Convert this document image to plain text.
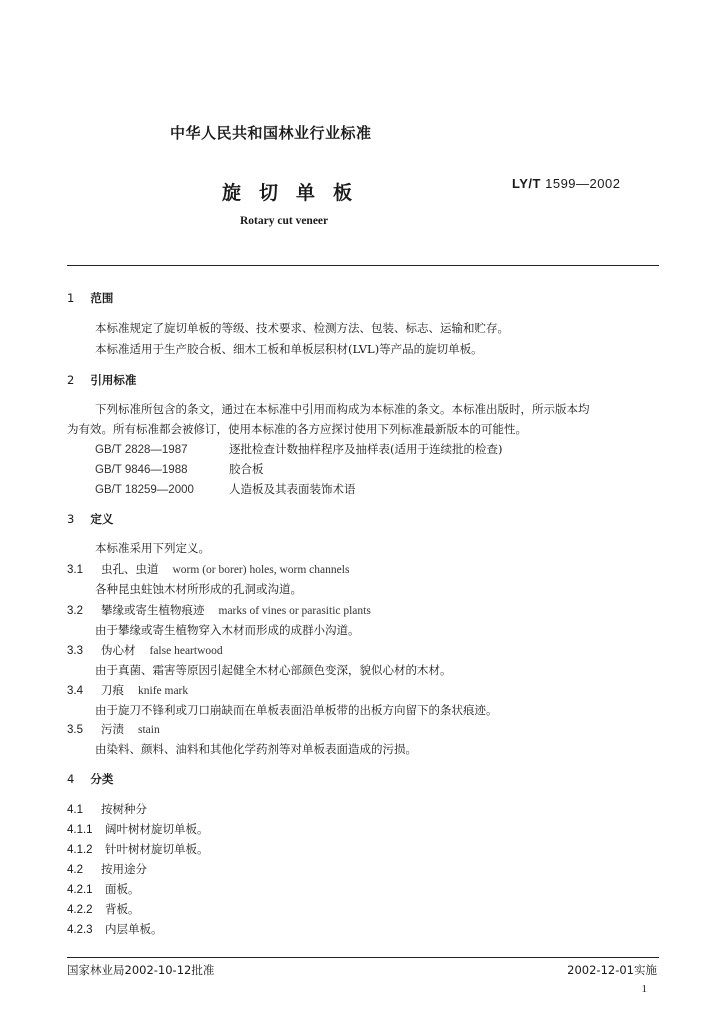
中华人民共和国林业行业标准
旋切单板	LY/T 1599—2002
Rotary cut veneer
1 范围
本标准规定了旋切单板的等级、技术要求、检测方法、包装、标志、运输和贮存。
本标准适用于生产胶合板、细木工板和单板层积材(LVL)等产品的旋切单板。
2 引用标准
下列标准所包含的条文，通过在本标准中引用而构成为本标准的条文。本标准出版时，所示版本均
为有效。所有标准都会被修订，使用本标准的各方应探讨使用下列标准最新版本的可能性。
GB/T 2828—1987	逐批检查计数抽样程序及抽样表(适用于连续批的检查)
GB/T 9846—1988	胶合板
GB/T 18259—2000	人造板及其表面装饰术语
3 定义
本标准采用下列定义。
3.1 虫孔、虫道 worm (or borer) holes, worm channels
各种昆虫蛀蚀木材所形成的孔洞或沟道。
3.2 攀缘或寄生植物痕迹 marks of vines or parasitic plants
由于攀缘或寄生植物穿入木材而形成的成群小沟道。
3.3 伪心材 false heartwood
由于真菌、霜害等原因引起健全木材心部颜色变深，貌似心材的木材。
3.4 刀痕 knife mark
由于旋刀不锋利或刀口崩缺而在单板表面沿单板带的出板方向留下的条状痕迹。
3.5 污渍 stain
由染料、颜料、油料和其他化学药剂等对单板表面造成的污损。
4 分类
4.1 按树种分
4.1.1 阔叶树材旋切单板。
4.1.2 针叶树材旋切单板。
4.2 按用途分
4.2.1 面板。
4.2.2 背板。
4.2.3 内层单板。
国家林业局2002-10-12批准	2002-12-01实施
1
